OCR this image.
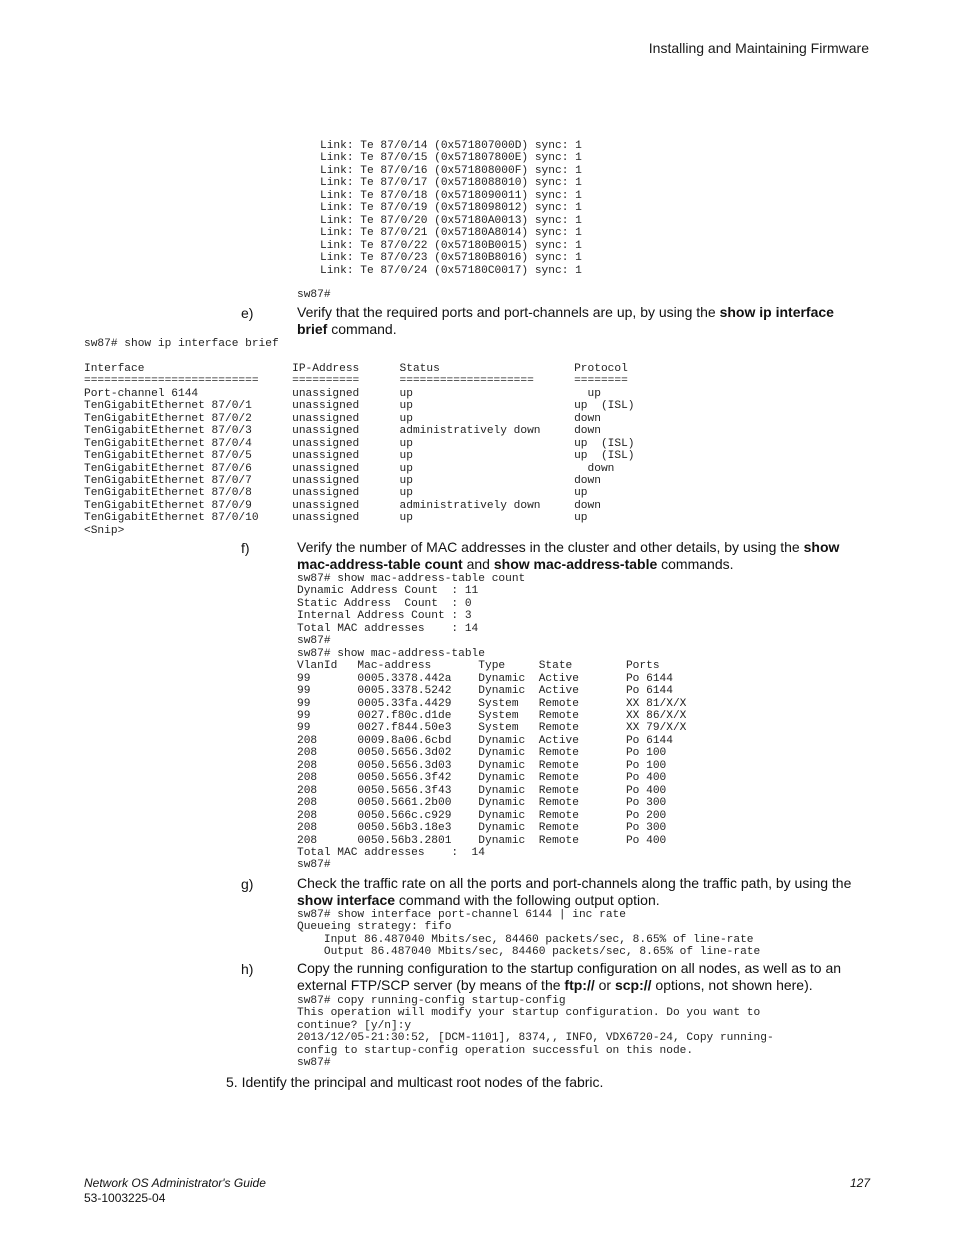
Installing and Maintaining Firmware
Link: Te 87/0/14 (0x571807000D) sync: 1
Link: Te 87/0/15 (0x571807800E) sync: 1
Link: Te 87/0/16 (0x571808000F) sync: 1
Link: Te 87/0/17 (0x5718088010) sync: 1
Link: Te 87/0/18 (0x5718090011) sync: 1
Link: Te 87/0/19 (0x5718098012) sync: 1
Link: Te 87/0/20 (0x57180A0013) sync: 1
Link: Te 87/0/21 (0x57180A8014) sync: 1
Link: Te 87/0/22 (0x57180B0015) sync: 1
Link: Te 87/0/23 (0x57180B8016) sync: 1
Link: Te 87/0/24 (0x57180C0017) sync: 1
sw87#
e)	Verify that the required ports and port-channels are up, by using the show ip interface brief command.
sw87# show ip interface brief

Interface                      IP-Address      Status                    Protocol
==========================     ==========      ====================      ========
Port-channel 6144              unassigned      up                          up
TenGigabitEthernet 87/0/1      unassigned      up                        up  (ISL)
TenGigabitEthernet 87/0/2      unassigned      up                        down
TenGigabitEthernet 87/0/3      unassigned      administratively down     down
TenGigabitEthernet 87/0/4      unassigned      up                        up  (ISL)
TenGigabitEthernet 87/0/5      unassigned      up                        up  (ISL)
TenGigabitEthernet 87/0/6      unassigned      up                          down
TenGigabitEthernet 87/0/7      unassigned      up                        down
TenGigabitEthernet 87/0/8      unassigned      up                        up
TenGigabitEthernet 87/0/9      unassigned      administratively down     down
TenGigabitEthernet 87/0/10     unassigned      up                        up
<Snip>
f)	Verify the number of MAC addresses in the cluster and other details, by using the show mac-address-table count and show mac-address-table commands.
sw87# show mac-address-table count
Dynamic Address Count  : 11
Static Address  Count  : 0
Internal Address Count : 3
Total MAC addresses    : 14
sw87#
sw87# show mac-address-table
VlanId   Mac-address       Type     State        Ports
99       0005.3378.442a    Dynamic  Active       Po 6144
99       0005.3378.5242    Dynamic  Active       Po 6144
99       0005.33fa.4429    System   Remote       XX 81/X/X
99       0027.f80c.d1de    System   Remote       XX 86/X/X
99       0027.f844.50e3    System   Remote       XX 79/X/X
208      0009.8a06.6cbd    Dynamic  Active       Po 6144
208      0050.5656.3d02    Dynamic  Remote       Po 100
208      0050.5656.3d03    Dynamic  Remote       Po 100
208      0050.5656.3f42    Dynamic  Remote       Po 400
208      0050.5656.3f43    Dynamic  Remote       Po 400
208      0050.5661.2b00    Dynamic  Remote       Po 300
208      0050.566c.c929    Dynamic  Remote       Po 200
208      0050.56b3.18e3    Dynamic  Remote       Po 300
208      0050.56b3.2801    Dynamic  Remote       Po 400
Total MAC addresses    :  14
sw87#
g)	Check the traffic rate on all the ports and port-channels along the traffic path, by using the show interface command with the following output option.
sw87# show interface port-channel 6144 | inc rate
Queueing strategy: fifo
Input 86.487040 Mbits/sec, 84460 packets/sec, 8.65% of line-rate
Output 86.487040 Mbits/sec, 84460 packets/sec, 8.65% of line-rate
h)	Copy the running configuration to the startup configuration on all nodes, as well as to an external FTP/SCP server (by means of the ftp:// or scp:// options, not shown here).
sw87# copy running-config startup-config
This operation will modify your startup configuration. Do you want to
continue? [y/n]:y
2013/12/05-21:30:52, [DCM-1101], 8374,, INFO, VDX6720-24, Copy running-
config to startup-config operation successful on this node.
sw87#
5. Identify the principal and multicast root nodes of the fabric.
Network OS Administrator's Guide
53-1003225-04
127
